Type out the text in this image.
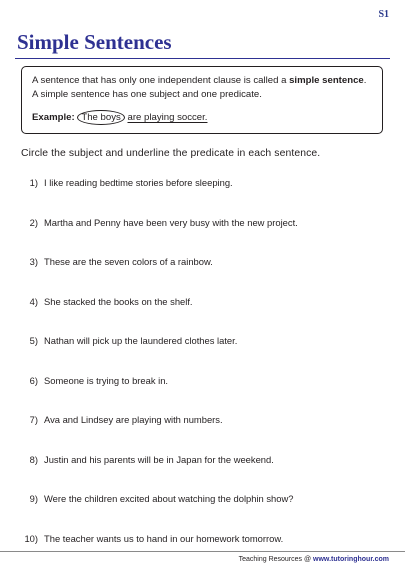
S1
Simple Sentences
A sentence that has only one independent clause is called a simple sentence.
A simple sentence has one subject and one predicate.
Example: The boys are playing soccer.

Circle the subject and underline the predicate in each sentence.

1) I like reading bedtime stories before sleeping.
2) Martha and Penny have been very busy with the new project.
3) These are the seven colors of a rainbow.
4) She stacked the books on the shelf.
5) Nathan will pick up the laundered clothes later.
6) Someone is trying to break in.
7) Ava and Lindsey are playing with numbers.
8) Justin and his parents will be in Japan for the weekend.
9) Were the children excited about watching the dolphin show?
10) The teacher wants us to hand in our homework tomorrow.
Teaching Resources @ www.tutoringhour.com
